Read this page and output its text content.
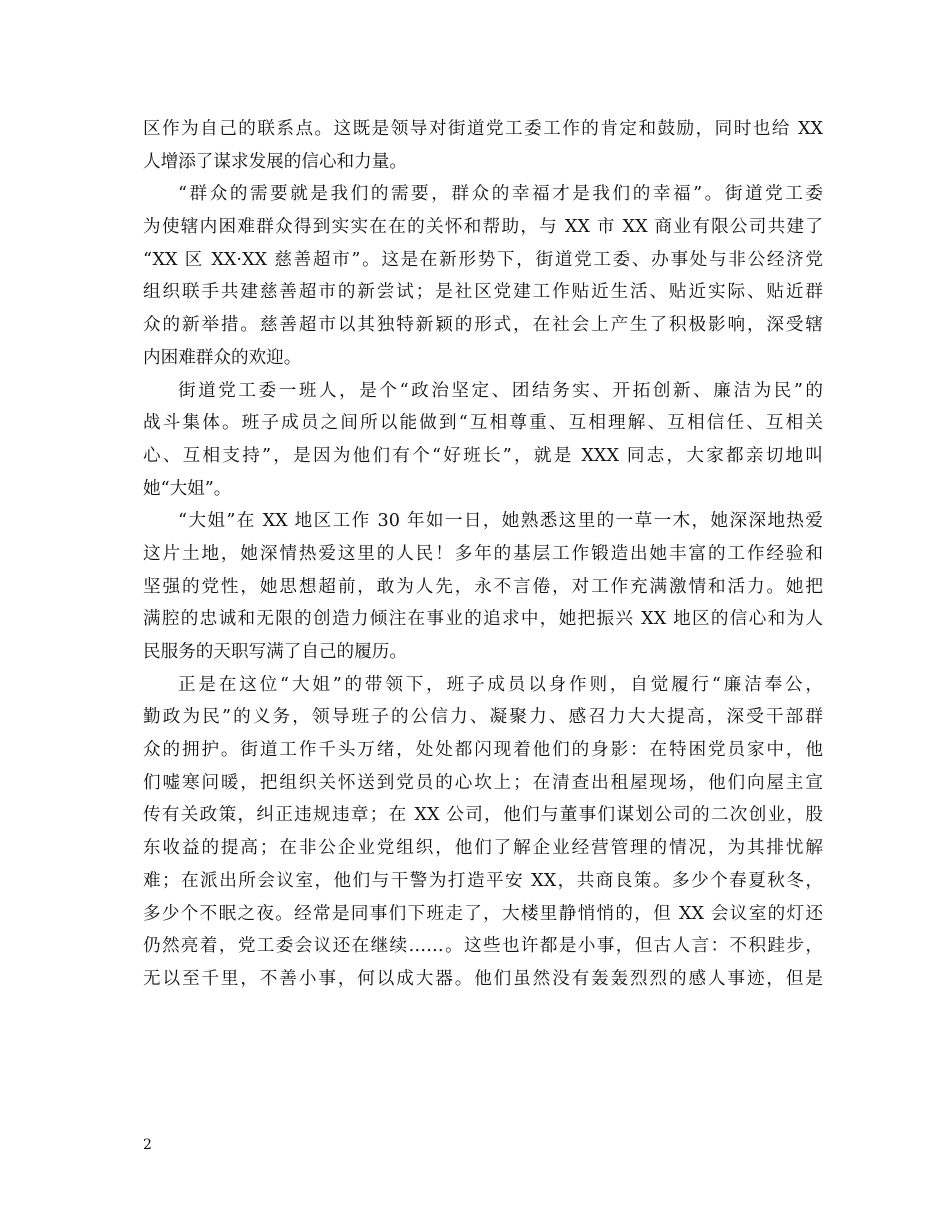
区作为自己的联系点。这既是领导对街道党工委工作的肯定和鼓励，同时也给 XX
人增添了谋求发展的信心和力量。
“群众的需要就是我们的需要，群众的幸福才是我们的幸福”。街道党工委
为使辖内困难群众得到实实在在的关怀和帮助，与 XX 市 XX 商业有限公司共建了
“XX 区 XX·XX 慈善超市”。这是在新形势下，街道党工委、办事处与非公经济党
组织联手共建慈善超市的新尝试；是社区党建工作贴近生活、贴近实际、贴近群
众的新举措。慈善超市以其独特新颖的形式，在社会上产生了积极影响，深受辖
内困难群众的欢迎。
街道党工委一班人，是个“政治坚定、团结务实、开拓创新、廉洁为民”的
战斗集体。班子成员之间所以能做到“互相尊重、互相理解、互相信任、互相关
心、互相支持”，是因为他们有个“好班长”，就是 XXX 同志，大家都亲切地叫
她“大姐”。
“大姐”在 XX 地区工作 30 年如一日，她熟悉这里的一草一木，她深深地热爱
这片土地，她深情热爱这里的人民！多年的基层工作锻造出她丰富的工作经验和
坚强的党性，她思想超前，敢为人先，永不言倦，对工作充满激情和活力。她把
满腔的忠诚和无限的创造力倾注在事业的追求中，她把振兴 XX 地区的信心和为人
民服务的天职写满了自己的履历。
正是在这位“大姐”的带领下，班子成员以身作则，自觉履行“廉洁奉公，
勤政为民”的义务，领导班子的公信力、凝聚力、感召力大大提高，深受干部群
众的拥护。街道工作千头万绪，处处都闪现着他们的身影：在特困党员家中，他
们嘘寒问暖，把组织关怀送到党员的心坎上；在清查出租屋现场，他们向屋主宣
传有关政策，纠正违规违章；在 XX 公司，他们与董事们谋划公司的二次创业，股
东收益的提高；在非公企业党组织，他们了解企业经营管理的情况，为其排忧解
难；在派出所会议室，他们与干警为打造平安 XX，共商良策。多少个春夏秋冬，
多少个不眠之夜。经常是同事们下班走了，大楼里静悄悄的，但 XX 会议室的灯还
仍然亮着，党工委会议还在继续……。这些也许都是小事，但古人言：不积跬步，
无以至千里，不善小事，何以成大器。他们虽然没有轰轰烈烈的感人事迹，但是
2
